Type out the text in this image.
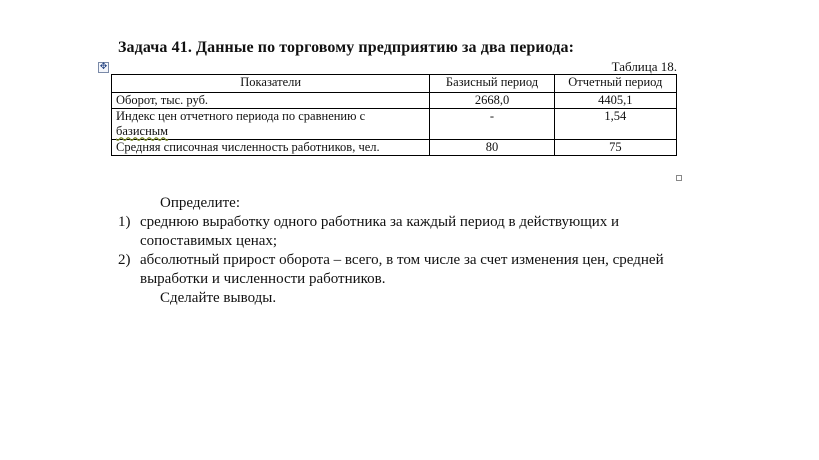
Задача 41. Данные по торговому предприятию за два периода:
Таблица 18.
✥
Показатели	Базисный период	Отчетный период
Оборот, тыс. руб.	2668,0	4405,1
Индекс цен отчетного периода по сравнению с
базисным	-	1,54
Средняя списочная численность работников, чел.	80	75
Определите:
1) среднюю выработку одного работника за каждый период в действующих и сопоставимых ценах;
2) абсолютный прирост оборота – всего, в том числе за счет изменения цен, средней выработки и численности работников.
Сделайте выводы.
